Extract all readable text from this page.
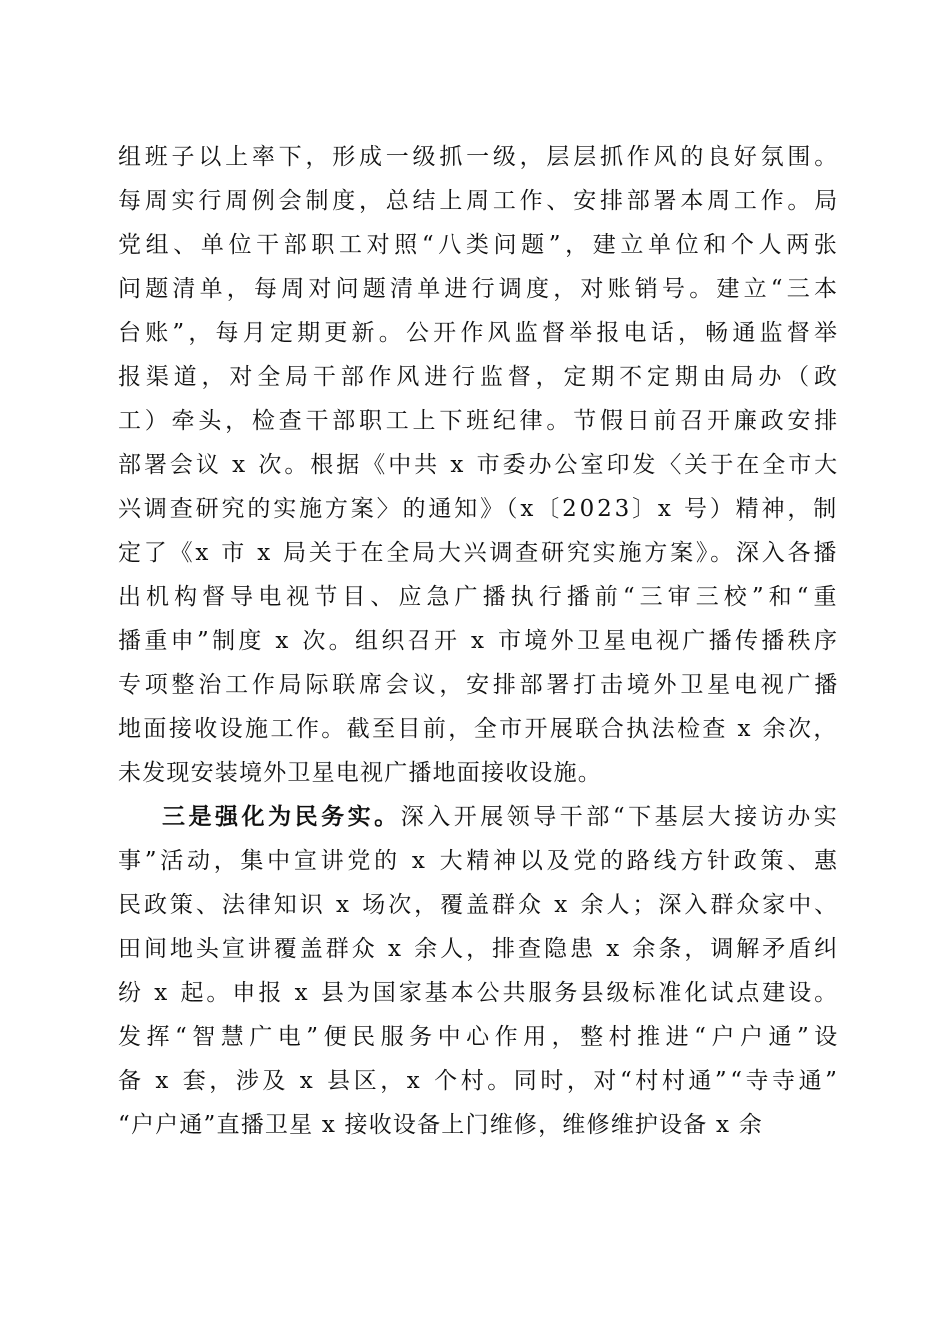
组班子以上率下，形成一级抓一级，层层抓作风的良好氛围。
每周实行周例会制度，总结上周工作、安排部署本周工作。局
党组、单位干部职工对照“八类问题”，建立单位和个人两张
问题清单，每周对问题清单进行调度，对账销号。建立“三本
台账”，每月定期更新。公开作风监督举报电话，畅通监督举
报渠道，对全局干部作风进行监督，定期不定期由局办（政
工）牵头，检查干部职工上下班纪律。节假日前召开廉政安排
部署会议 x 次。根据《中共 x 市委办公室印发〈关于在全市大
兴调查研究的实施方案〉的通知》（x〔2023〕x 号）精神，制
定了《x 市 x 局关于在全局大兴调查研究实施方案》。深入各播
出机构督导电视节目、应急广播执行播前“三审三校”和“重
播重申”制度 x 次。组织召开 x 市境外卫星电视广播传播秩序
专项整治工作局际联席会议，安排部署打击境外卫星电视广播
地面接收设施工作。截至目前，全市开展联合执法检查 x 余次，
未发现安装境外卫星电视广播地面接收设施。
三是强化为民务实。深入开展领导干部“下基层大接访办实
事”活动，集中宣讲党的 x 大精神以及党的路线方针政策、惠
民政策、法律知识 x 场次，覆盖群众 x 余人；深入群众家中、
田间地头宣讲覆盖群众 x 余人，排查隐患 x 余条，调解矛盾纠
纷 x 起。申报 x 县为国家基本公共服务县级标准化试点建设。
发挥“智慧广电”便民服务中心作用，整村推进“户户通”设
备 x 套，涉及 x 县区，x 个村。同时，对“村村通”“寺寺通”
“户户通”直播卫星 x 接收设备上门维修，维修维护设备 x 余
